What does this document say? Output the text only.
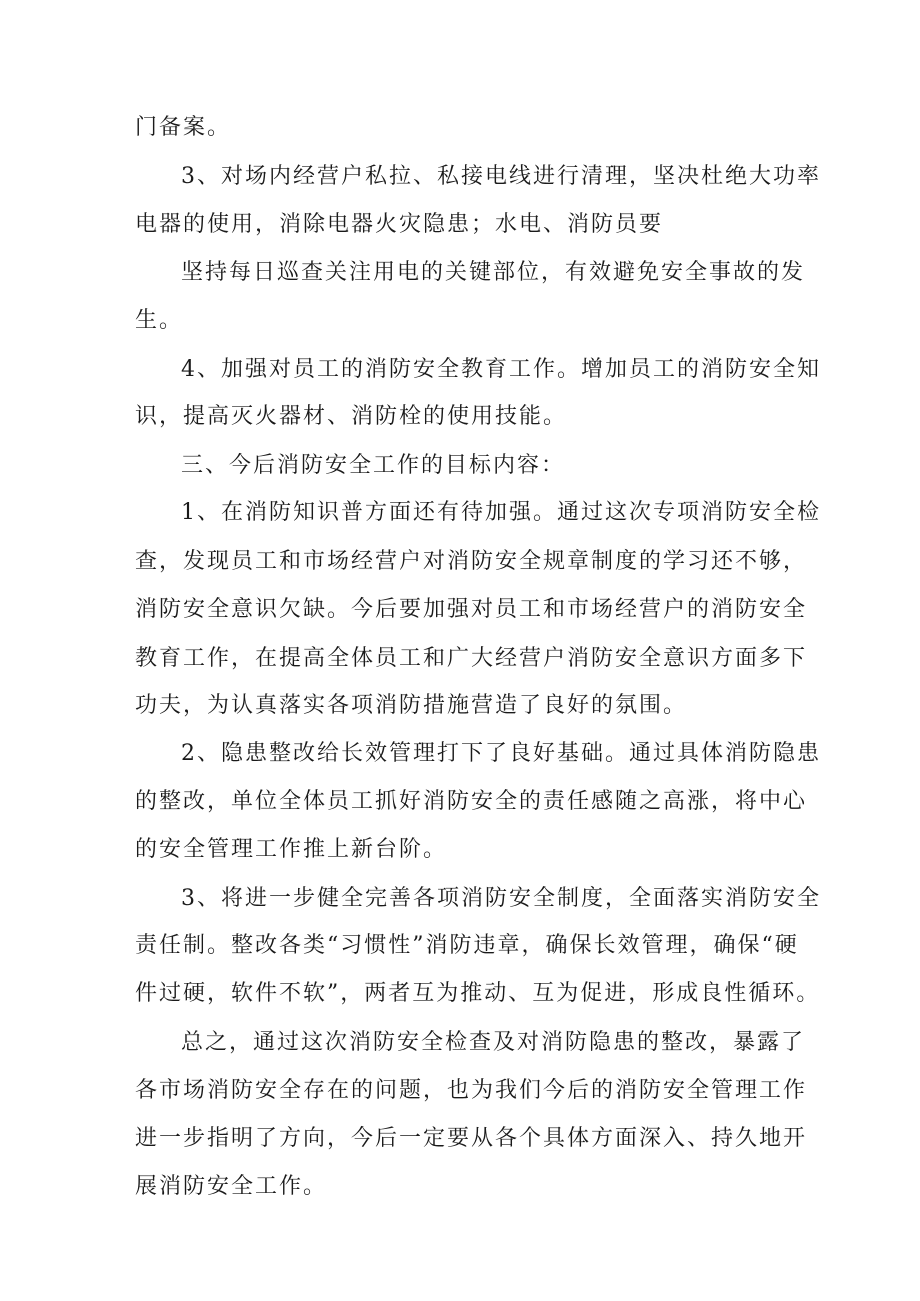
门备案。
3、对场内经营户私拉、私接电线进行清理，坚决杜绝大功率
电器的使用，消除电器火灾隐患；水电、消防员要
坚持每日巡查关注用电的关键部位，有效避免安全事故的发
生。
4、加强对员工的消防安全教育工作。增加员工的消防安全知
识，提高灭火器材、消防栓的使用技能。
三、今后消防安全工作的目标内容：
1、在消防知识普方面还有待加强。通过这次专项消防安全检
查，发现员工和市场经营户对消防安全规章制度的学习还不够，
消防安全意识欠缺。今后要加强对员工和市场经营户的消防安全
教育工作，在提高全体员工和广大经营户消防安全意识方面多下
功夫，为认真落实各项消防措施营造了良好的氛围。
2、隐患整改给长效管理打下了良好基础。通过具体消防隐患
的整改，单位全体员工抓好消防安全的责任感随之高涨，将中心
的安全管理工作推上新台阶。
3、将进一步健全完善各项消防安全制度，全面落实消防安全
责任制。整改各类“习惯性”消防违章，确保长效管理，确保“硬
件过硬，软件不软”，两者互为推动、互为促进，形成良性循环。
总之，通过这次消防安全检查及对消防隐患的整改，暴露了
各市场消防安全存在的问题，也为我们今后的消防安全管理工作
进一步指明了方向，今后一定要从各个具体方面深入、持久地开
展消防安全工作。
